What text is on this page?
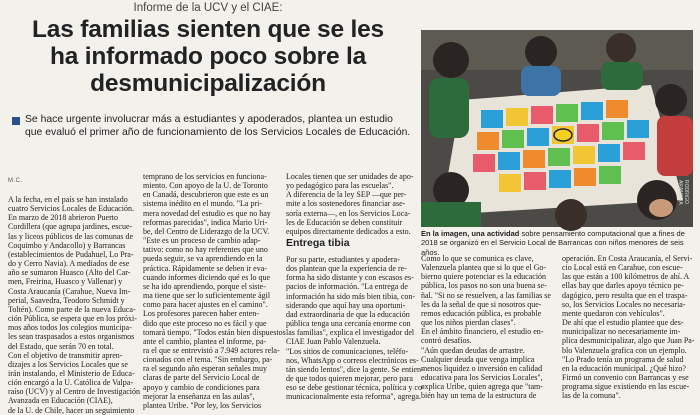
Informe de la UCV y el CIAE:
Las familias sienten que se les
ha informado poco sobre la
desmunicipalización
Se hace urgente involucrar más a estudiantes y apoderados, plantea un estudio
que evaluó el primer año de funcionamiento de los Servicios Locales de Educación.
M.C.	RODRIGO ARANGUA
En la imagen, una actividad sobre pensamiento computacional que a fines de 2018 se organizó en el Servicio Local de Barrancas con niños menores de seis años.
A la fecha, en el país se han instalado
cuatro Servicios Locales de Educación.
En marzo de 2018 abrieron Puerto
Cordillera (que agrupa jardines, escue-
las y liceos públicos de las comunas de
Coquimbo y Andacollo) y Barrancas
(establecimientos de Pudahuel, Lo Pra-
do y Cerro Navia). A mediados de ese
año se sumaron Huasco (Alto del Car-
men, Freirina, Huasco y Vallenar) y
Costa Araucanía (Carahue, Nueva Im-
perial, Saavedra, Teodoro Schmidt y
Toltén). Como parte de la nueva Educa-
ción Pública, se espera que en los próxi-
mos años todos los colegios municipa-
les sean traspasados a estos organismos
del Estado, que serán 70 en total.
Con el objetivo de transmitir apren-
dizajes a los Servicios Locales que se
irán instalando, el Ministerio de Educa-
ción encargó a la U. Católica de Valpa-
raíso (UCV) y al Centro de Investigación
Avanzada en Educación (CIAE),
de la U. de Chile, hacer un seguimiento
temprano de los servicios en funciona-
miento. Con apoyo de la U. de Toronto
en Canadá, descubrieron que este es un
sistema inédito en el mundo. "La pri-
mera novedad del estudio es que no hay
reformas parecidas", indica Mario Uri-
be, del Centro de Liderazgo de la UCV.
"Este es un proceso de cambio adap-
tativo: como no hay referentes que uno
pueda seguir, se va aprendiendo en la
práctica. Rápidamente se deben ir eva-
cuando informes diciendo qué es lo que
se ha ido aprendiendo, porque el siste-
ma tiene que ser lo suficientemente ágil
como para hacer ajustes en el camino".
Los profesores parecen haber enten-
dido que este proceso no es fácil y que
tomará tiempo. "Todos están bien dispuestos
ante el cambio, plantea el informe, pa-
ra el que se entrevistó a 7.949 actores rela-
cionados con el tema. "Sin embargo, pa-
ra el segundo año esperan señales muy
claras de parte del Servicio Local de
apoyo y cambio de condiciones para
mejorar la enseñanza en las aulas",
plantea Uribe. "Por ley, los Servicios
Locales tienen que ser unidades de apo-
yo pedagógico para las escuelas".
A diferencia de la ley SEP —que per-
mite a los sostenedores financiar ase-
soría externa—, en los Servicios Loca-
les de Educación se deben constituir
equipos directamente dedicados a esto.
Entrega tibia
Por su parte, estudiantes y apodera-
dos plantean que la experiencia de re-
forma ha sido distante y con escasos es-
pacios de información. "La entrega de
información ha sido más bien tibia, con-
siderando que aquí hay una oportuni-
dad extraordinaria de que la educación
pública tenga una cercanía enorme con
las familias", explica el investigador del
CIAE Juan Pablo Valenzuela.
"Los sitios de comunicaciones, teléfo-
nos, WhatsApp o correos electrónicos es-
tán siendo lentos", dice la gente. Se entien-
de que todos quieren mejorar, pero para
eso se debe gestionar técnica, política y co-
municacionalmente esta reforma", agrega.
Como lo que se comunica es clave,
Valenzuela plantea que si lo que el Go-
bierno quiere potenciar es la educación
pública, los pasos no son una buena se-
ñal. "Si no se resuelven, a las familias se
les da la señal de que si nosotros que-
remos educación pública, es probable
que los niños pierdan clases".
En el ámbito financiero, el estudio en-
contró desafíos.
"Aún quedan deudas de arrastre.
Cualquier deuda que venga implica
menos liquidez o inversión en calidad
educativa para los Servicios Locales",
explica Uribe, quien agrega que "tam-
bién hay un tema de la estructura de
operación. En Costa Araucanía, el Servi-
cio Local está en Carahue, con escue-
las que están a 100 kilómetros de ahí. A
ellas hay que darles apoyo técnico pe-
dagógico, pero resulta que en el traspa-
so, los Servicios Locales no necesaria-
mente quedaron con vehículos".
De ahí que el estudio plantee que des-
municipalizar no necesariamente im-
plica desmunicipalizar, algo que Juan Pa-
blo Valenzuela grafica con un ejemplo.
"Lo Prado tenía un programa de salud
en la educación municipal. ¿Qué hizo?
Firmó un convenio con Barrancas y ese
programa sigue existiendo en las escue-
las de la comuna".
